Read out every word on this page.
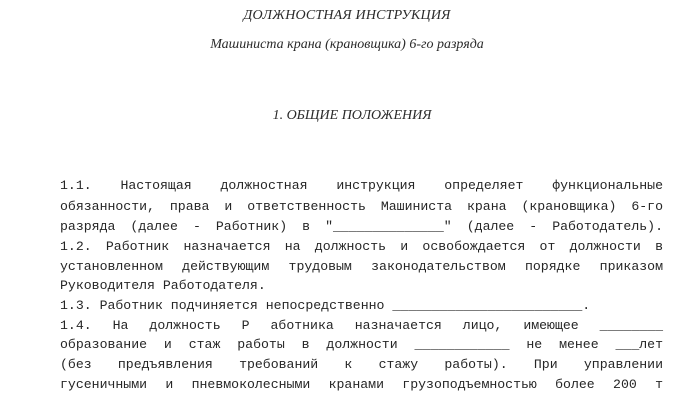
ДОЛЖНОСТНАЯ ИНСТРУКЦИЯ
Машиниста крана (крановщика) 6-го разряда
1. ОБЩИЕ ПОЛОЖЕНИЯ
1.1. Настоящая должностная инструкция определяет функциональные
обязанности, права и ответственность Машиниста крана (крановщика) 6-го
разряда (далее - Работник) в "______________" (далее - Работодатель).
1.2. Работник назначается на должность и освобождается от должности в
установленном действующим трудовым законодательством порядке приказом
Руководителя Работодателя.
1.3. Работник подчиняется непосредственно ________________________.
1.4. На должность Р аботника назначается лицо, имеющее ________
образование и стаж работы в должности ____________ не менее ___лет
(без предъявления требований к стажу работы). При управлении
гусеничными и пневмоколесными кранами грузоподъемностью более 200 т
